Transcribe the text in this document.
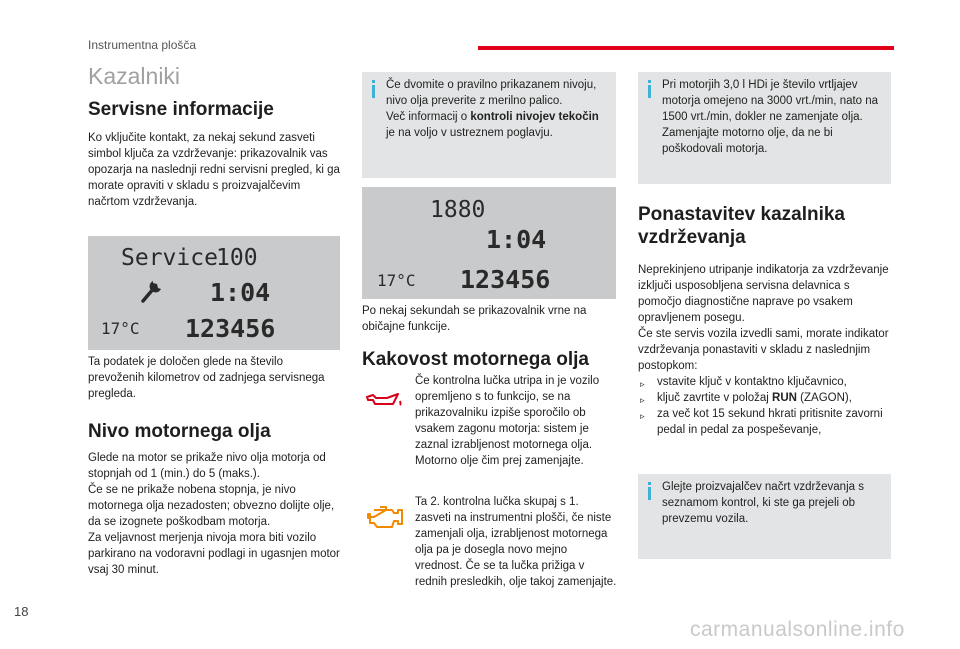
Instrumentna plošča
Kazalniki
Servisne informacije
Ko vključite kontakt, za nekaj sekund zasveti simbol ključa za vzdrževanje: prikazovalnik vas opozarja na naslednji redni servisni pregled, ki ga morate opraviti v skladu s proizvajalčevim načrtom vzdrževanja.
Service
100
1:04
17°C 123456
Ta podatek je določen glede na število prevoženih kilometrov od zadnjega servisnega pregleda.
Nivo motornega olja
Glede na motor se prikaže nivo olja motorja od stopnjah od 1 (min.) do 5 (maks.).
Če se ne prikaže nobena stopnja, je nivo motornega olja nezadosten; obvezno dolijte olje, da se izognete poškodbam motorja.
Za veljavnost merjenja nivoja mora biti vozilo parkirano na vodoravni podlagi in ugasnjen motor vsaj 30 minut.
Če dvomite o pravilno prikazanem nivoju, nivo olja preverite z merilno palico.
Več informacij o kontroli nivojev tekočin je na voljo v ustreznem poglavju.
1880
1:04
17°C 123456
Po nekaj sekundah se prikazovalnik vrne na običajne funkcije.
Kakovost motornega olja
Če kontrolna lučka utripa in je vozilo opremljeno s to funkcijo, se na prikazovalniku izpiše sporočilo ob vsakem zagonu motorja: sistem je zaznal izrabljenost motornega olja. Motorno olje čim prej zamenjajte.
Ta 2. kontrolna lučka skupaj s 1. zasveti na instrumentni plošči, če niste zamenjali olja, izrabljenost motornega olja pa je dosegla novo mejno vrednost. Če se ta lučka prižiga v rednih presledkih, olje takoj zamenjajte.
Pri motorjih 3,0 l HDi je število vrtljajev motorja omejeno na 3000 vrt./min, nato na 1500 vrt./min, dokler ne zamenjate olja. Zamenjajte motorno olje, da ne bi poškodovali motorja.
Ponastavitev kazalnika
vzdrževanja
Neprekinjeno utripanje indikatorja za vzdrževanje izključi usposobljena servisna delavnica s pomočjo diagnostične naprave po vsakem opravljenem posegu.
Če ste servis vozila izvedli sami, morate indikator vzdrževanja ponastaviti v skladu z naslednjim postopkom:
▹ vstavite ključ v kontaktno ključavnico,
▹ ključ zavrtite v položaj RUN (ZAGON),
▹ za več kot 15 sekund hkrati pritisnite zavorni pedal in pedal za pospeševanje,
Glejte proizvajalčev načrt vzdrževanja s seznamom kontrol, ki ste ga prejeli ob prevzemu vozila.
18
carmanualsonline.info
